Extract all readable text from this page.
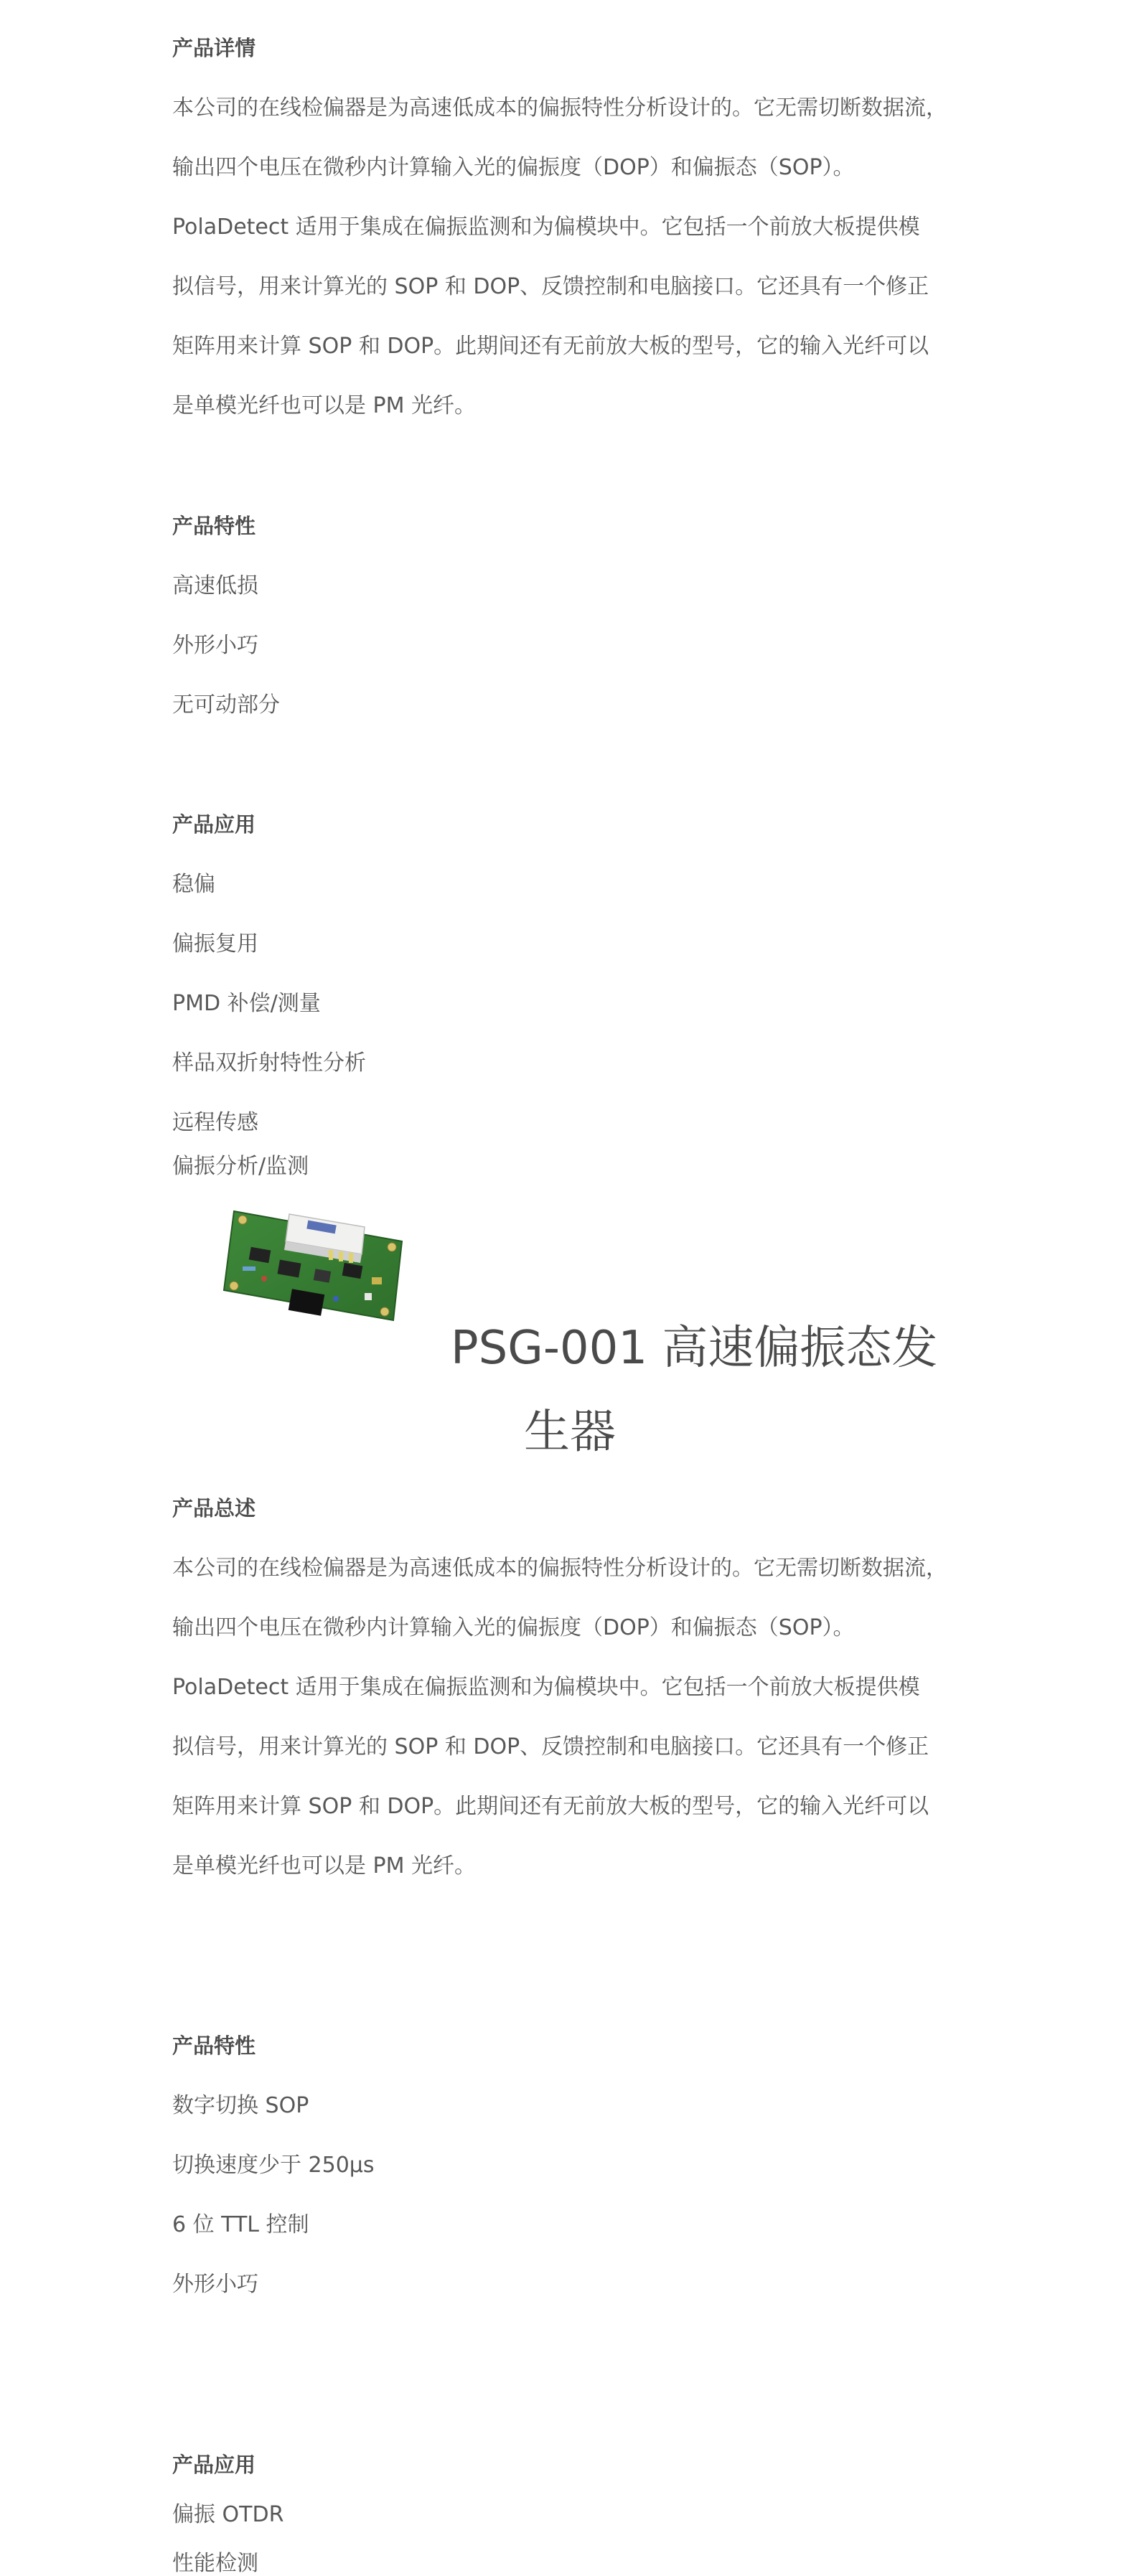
产品详情
本公司的在线检偏器是为高速低成本的偏振特性分析设计的。它无需切断数据流，
输出四个电压在微秒内计算输入光的偏振度（DOP）和偏振态（SOP）。
PolaDetect 适用于集成在偏振监测和为偏模块中。它包括一个前放大板提供模
拟信号，用来计算光的 SOP 和 DOP、反馈控制和电脑接口。它还具有一个修正
矩阵用来计算 SOP 和 DOP。此期间还有无前放大板的型号，它的输入光纤可以
是单模光纤也可以是 PM 光纤。
产品特性
高速低损
外形小巧
无可动部分
产品应用
稳偏
偏振复用
PMD 补偿/测量
样品双折射特性分析
远程传感
偏振分析/监测
PSG-001 高速偏振态发
生器
产品总述
本公司的在线检偏器是为高速低成本的偏振特性分析设计的。它无需切断数据流，
输出四个电压在微秒内计算输入光的偏振度（DOP）和偏振态（SOP）。
PolaDetect 适用于集成在偏振监测和为偏模块中。它包括一个前放大板提供模
拟信号，用来计算光的 SOP 和 DOP、反馈控制和电脑接口。它还具有一个修正
矩阵用来计算 SOP 和 DOP。此期间还有无前放大板的型号，它的输入光纤可以
是单模光纤也可以是 PM 光纤。
产品特性
数字切换 SOP
切换速度少于 250μs
6 位 TTL 控制
外形小巧
产品应用
偏振 OTDR
性能检测
